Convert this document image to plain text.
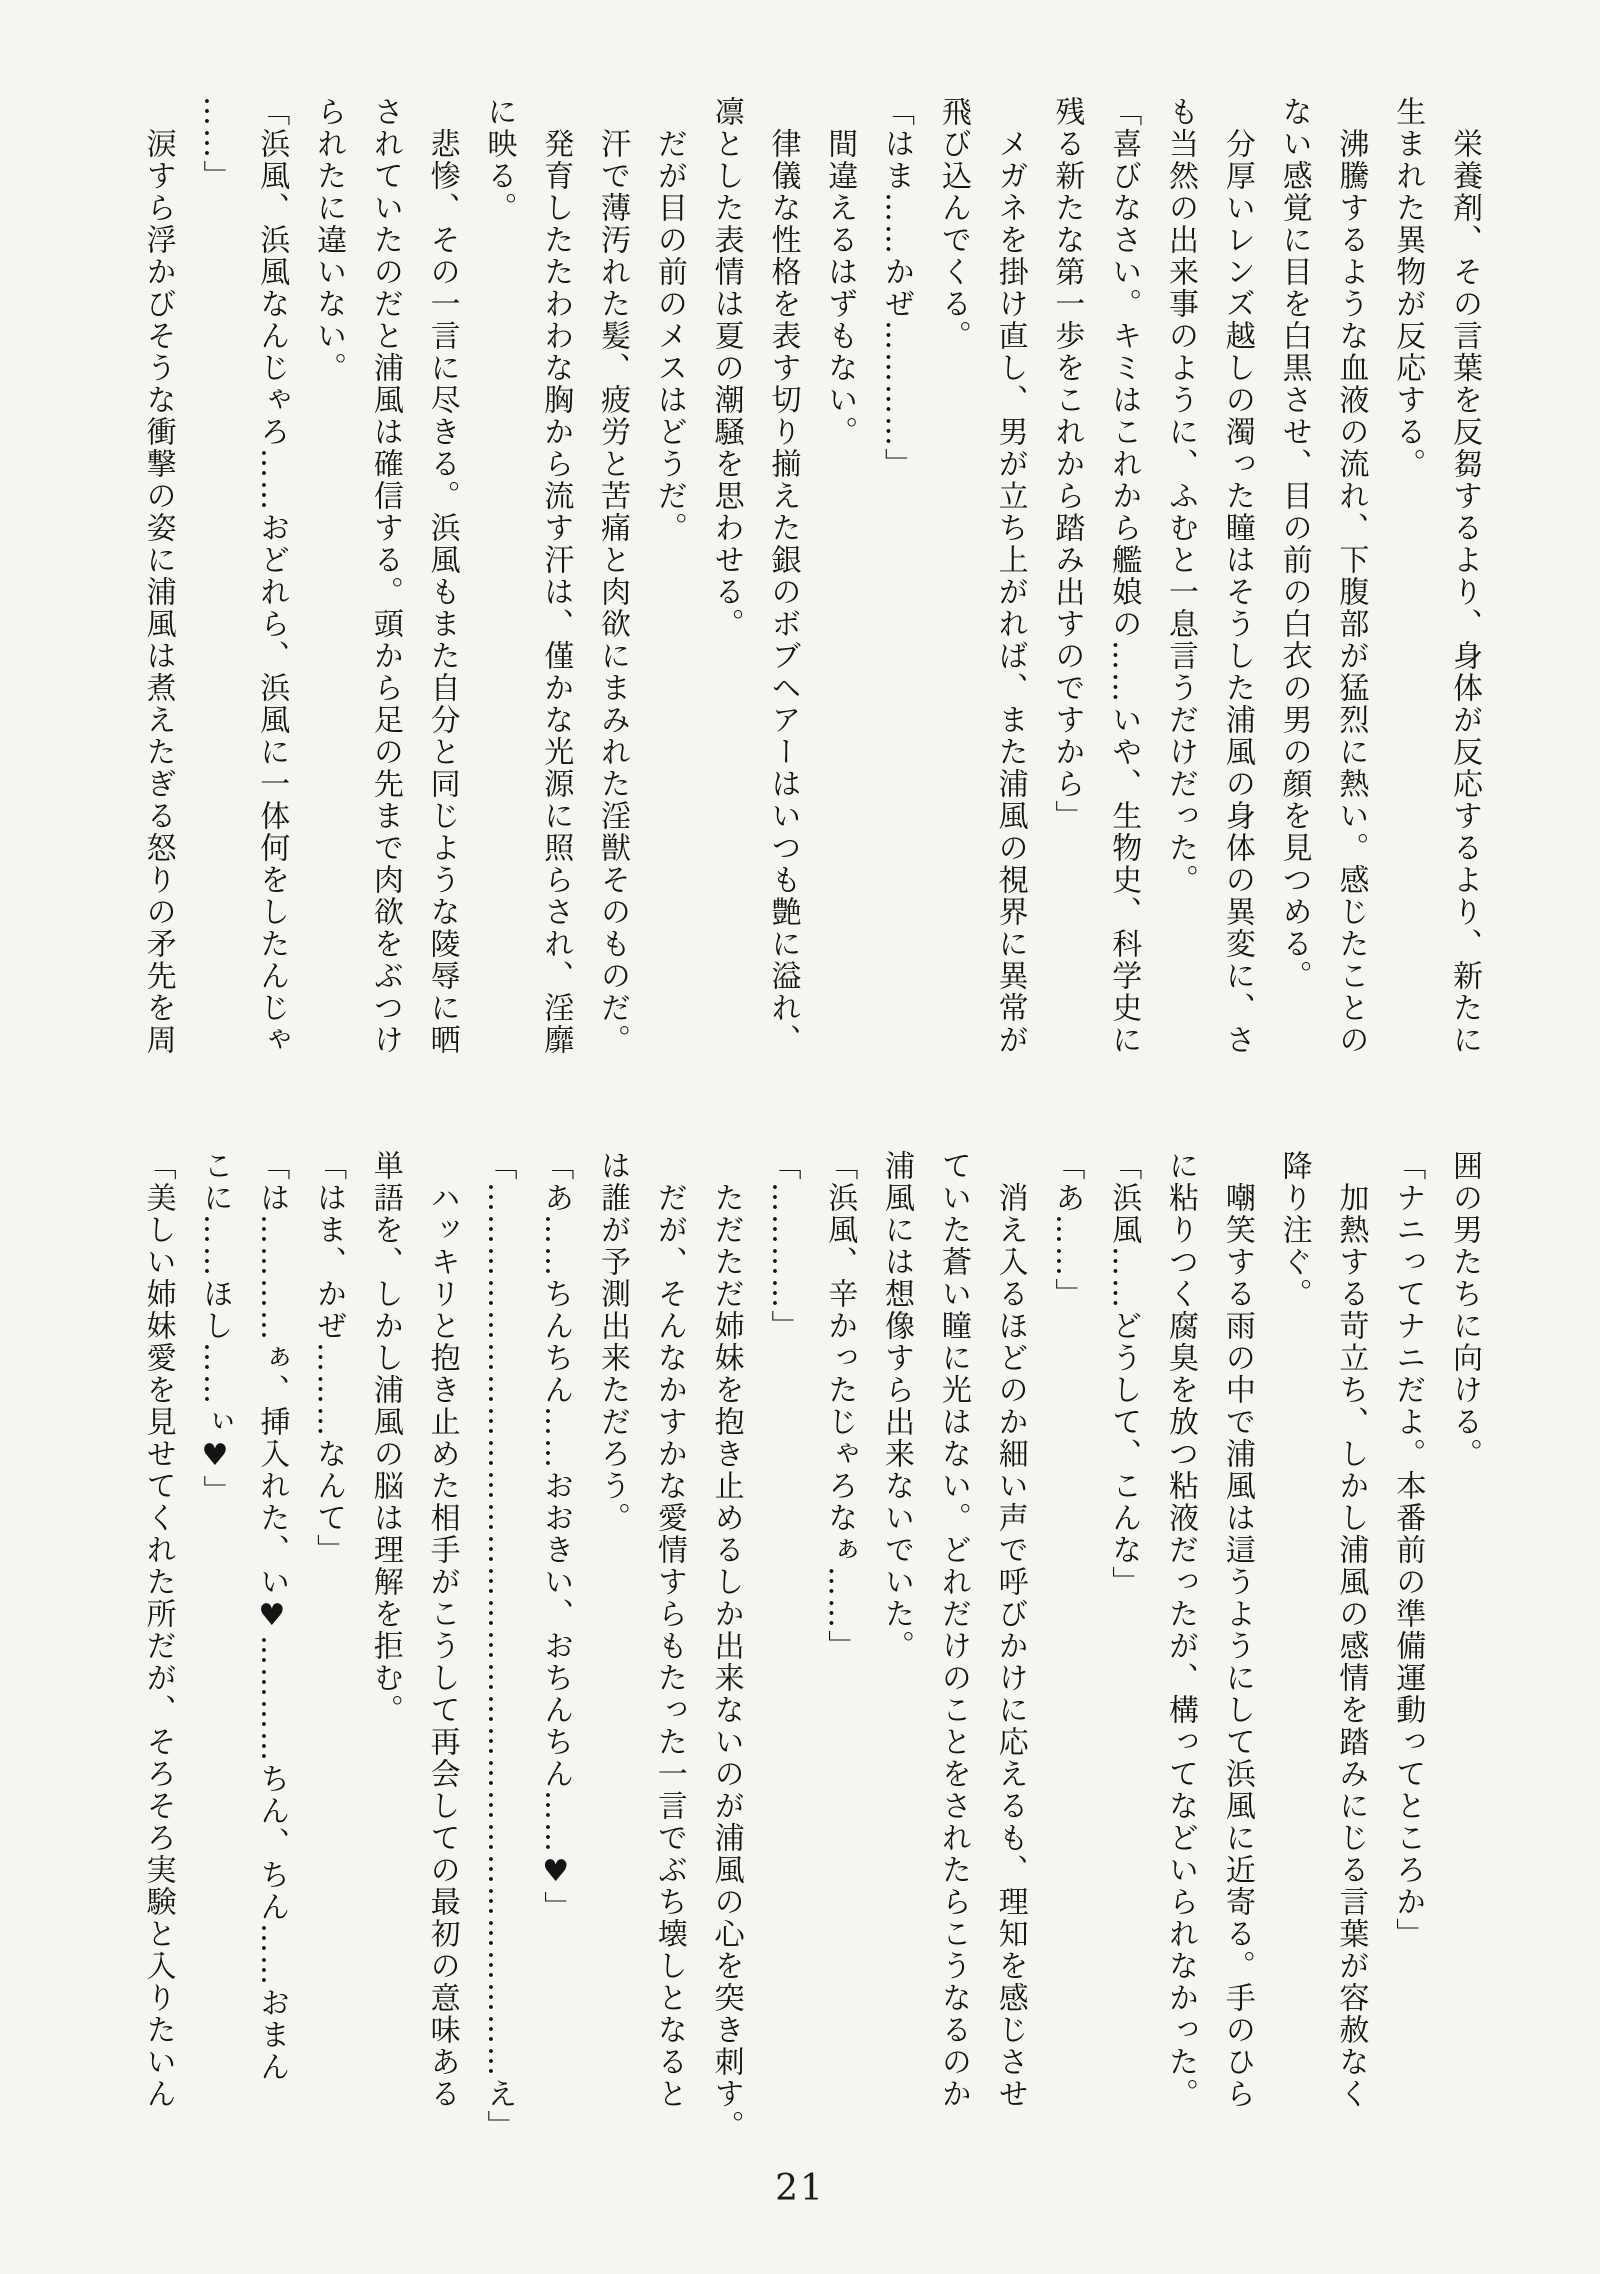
　栄養剤、その言葉を反芻するより、身体が反応するより、新たに

生まれた異物が反応する。

　沸騰するような血液の流れ、下腹部が猛烈に熱い。感じたことの

ない感覚に目を白黒させ、目の前の白衣の男の顔を見つめる。

　分厚いレンズ越しの濁った瞳はそうした浦風の身体の異変に、さ

も当然の出来事のように、ふむと一息言うだけだった。

「喜びなさい。キミはこれから艦娘の……いや、生物史、科学史に

残る新たな第一歩をこれから踏み出すのですから」

　メガネを掛け直し、男が立ち上がれば、また浦風の視界に異常が

飛び込んでくる。

「はま……かぜ…………」

　間違えるはずもない。

　律儀な性格を表す切り揃えた銀のボブヘアーはいつも艶に溢れ、

凛とした表情は夏の潮騒を思わせる。

　だが目の前のメスはどうだ。

　汗で薄汚れた髪、疲労と苦痛と肉欲にまみれた淫獣そのものだ。

　発育したたわわな胸から流す汗は、僅かな光源に照らされ、淫靡

に映る。

　悲惨、その一言に尽きる。浜風もまた自分と同じような陵辱に晒

されていたのだと浦風は確信する。頭から足の先まで肉欲をぶつけ

られたに違いない。

「浜風、浜風なんじゃろ……おどれら、浜風に一体何をしたんじゃ

……」

　涙すら浮かびそうな衝撃の姿に浦風は煮えたぎる怒りの矛先を周

囲の男たちに向ける。

「ナニってナニだよ。本番前の準備運動ってところか」

　加熱する苛立ち、しかし浦風の感情を踏みにじる言葉が容赦なく

降り注ぐ。

　嘲笑する雨の中で浦風は這うようにして浜風に近寄る。手のひら

に粘りつく腐臭を放つ粘液だったが、構ってなどいられなかった。

「浜風……どうして、こんな」

「あ……」

　消え入るほどのか細い声で呼びかけに応えるも、理知を感じさせ

ていた蒼い瞳に光はない。どれだけのことをされたらこうなるのか

浦風には想像すら出来ないでいた。

「浜風、辛かったじゃろなぁ……」

「…………」

　ただただ姉妹を抱き止めるしか出来ないのが浦風の心を突き刺す。

　だが、そんなかすかな愛情すらもたった一言でぶち壊しとなると

は誰が予測出来ただろう。

「あ……ちんちん……おおきい、おちんちん……♥」

「…………………………………………………………………………え」

　ハッキリと抱き止めた相手がこうして再会しての最初の意味ある

単語を、しかし浦風の脳は理解を拒む。

「はま、かぜ………なんて」

「は…………ぁ、挿入れた、い♥…………ちん、ちん……おまん

こに……ほし……ぃ♥」

「美しい姉妹愛を見せてくれた所だが、そろそろ実験と入りたいん

21
